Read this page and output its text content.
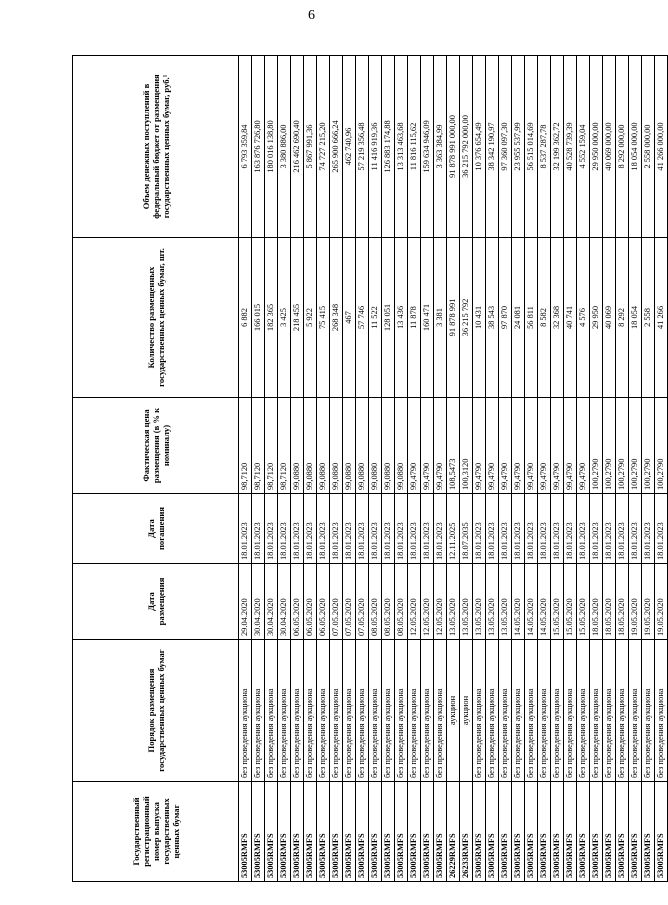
6
Государственный регистрационный номер выпуска государственных ценных бумаг	Порядок размещения государственных ценных бумаг	Дата размещения	Дата погашения	Фактическая цена размещения (в % к номиналу)	Количество размещенных государственных ценных бумаг, шт.	Объем денежных поступлений в федеральный бюджет от размещения государственных ценных бумаг, руб.¹
53005RMFS	без проведения аукциона	29.04.2020	18.01.2023	98,7120	6 882	6 793 359,84
53005RMFS	без проведения аукциона	30.04.2020	18.01.2023	98,7120	166 015	163 876 726,80
53005RMFS	без проведения аукциона	30.04.2020	18.01.2023	98,7120	182 365	180 016 138,80
53005RMFS	без проведения аукциона	30.04.2020	18.01.2023	98,7120	3 425	3 380 886,00
53005RMFS	без проведения аукциона	06.05.2020	18.01.2023	99,0880	218 455	216 462 690,40
53005RMFS	без проведения аукциона	06.05.2020	18.01.2023	99,0880	5 922	5 867 991,36
53005RMFS	без проведения аукциона	06.05.2020	18.01.2023	99,0880	75 415	74 727 215,20
53005RMFS	без проведения аукциона	07.05.2020	18.01.2023	99,0880	268 348	265 900 666,24
53005RMFS	без проведения аукциона	07.05.2020	18.01.2023	99,0880	467	462 740,96
53005RMFS	без проведения аукциона	07.05.2020	18.01.2023	99,0880	57 746	57 219 356,48
53005RMFS	без проведения аукциона	08.05.2020	18.01.2023	99,0880	11 522	11 416 919,36
53005RMFS	без проведения аукциона	08.05.2020	18.01.2023	99,0880	128 051	126 883 174,88
53005RMFS	без проведения аукциона	08.05.2020	18.01.2023	99,0880	13 436	13 313 463,68
53005RMFS	без проведения аукциона	12.05.2020	18.01.2023	99,4790	11 878	11 816 115,62
53005RMFS	без проведения аукциона	12.05.2020	18.01.2023	99,4790	160 471	159 634 946,09
53005RMFS	без проведения аукциона	12.05.2020	18.01.2023	99,4790	3 381	3 363 384,99
26229RMFS	аукцион	13.05.2020	12.11.2025	108,5473	91 878 991	91 878 991 000,00
26233RMFS	аукцион	13.05.2020	18.07.2035	100,3120	36 215 792	36 215 792 000,00
53005RMFS	без проведения аукциона	13.05.2020	18.01.2023	99,4790	10 431	10 376 654,49
53005RMFS	без проведения аукциона	13.05.2020	18.01.2023	99,4790	38 543	38 342 190,97
53005RMFS	без проведения аукциона	13.05.2020	18.01.2023	99,4790	97 870	97 360 097,30
53005RMFS	без проведения аукциона	14.05.2020	18.01.2023	99,4790	24 081	23 955 537,99
53005RMFS	без проведения аукциона	14.05.2020	18.01.2023	99,4790	56 811	56 515 014,69
53005RMFS	без проведения аукциона	14.05.2020	18.01.2023	99,4790	8 582	8 537 287,78
53005RMFS	без проведения аукциона	15.05.2020	18.01.2023	99,4790	32 368	32 199 362,72
53005RMFS	без проведения аукциона	15.05.2020	18.01.2023	99,4790	40 741	40 528 739,39
53005RMFS	без проведения аукциона	15.05.2020	18.01.2023	99,4790	4 576	4 552 159,04
53005RMFS	без проведения аукциона	18.05.2020	18.01.2023	100,2790	29 950	29 950 000,00
53005RMFS	без проведения аукциона	18.05.2020	18.01.2023	100,2790	40 069	40 069 000,00
53005RMFS	без проведения аукциона	18.05.2020	18.01.2023	100,2790	8 292	8 292 000,00
53005RMFS	без проведения аукциона	19.05.2020	18.01.2023	100,2790	18 054	18 054 000,00
53005RMFS	без проведения аукциона	19.05.2020	18.01.2023	100,2790	2 558	2 558 000,00
53005RMFS	без проведения аукциона	19.05.2020	18.01.2023	100,2790	41 266	41 266 000,00
